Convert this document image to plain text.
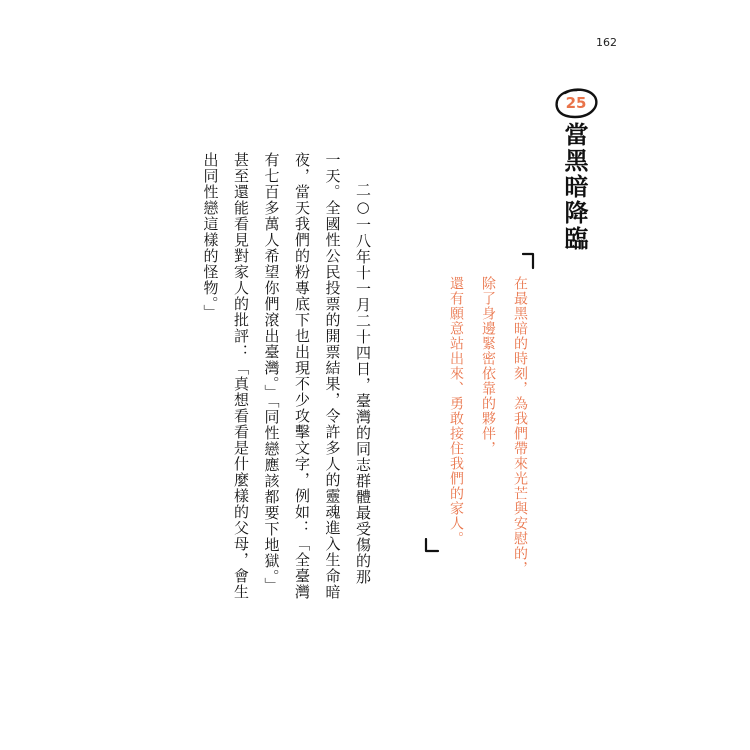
162
25
當黑暗降臨
在最黑暗的時刻，為我們帶來光芒與安慰的，
除了身邊緊密依靠的夥伴，
還有願意站出來、勇敢接住我們的家人。

二○一八年十一月二十四日，臺灣的同志群體最受傷的那一天。全國性公民投票的開票結果，令許多人的靈魂進入生命暗夜，當天我們的粉專底下也出現不少攻擊文字，例如：「全臺灣有七百多萬人希望你們滾出臺灣。」「同性戀應該都要下地獄。」甚至還能看見對家人的批評：「真想看看是什麼樣的父母，會生出同性戀這樣的怪物。」
